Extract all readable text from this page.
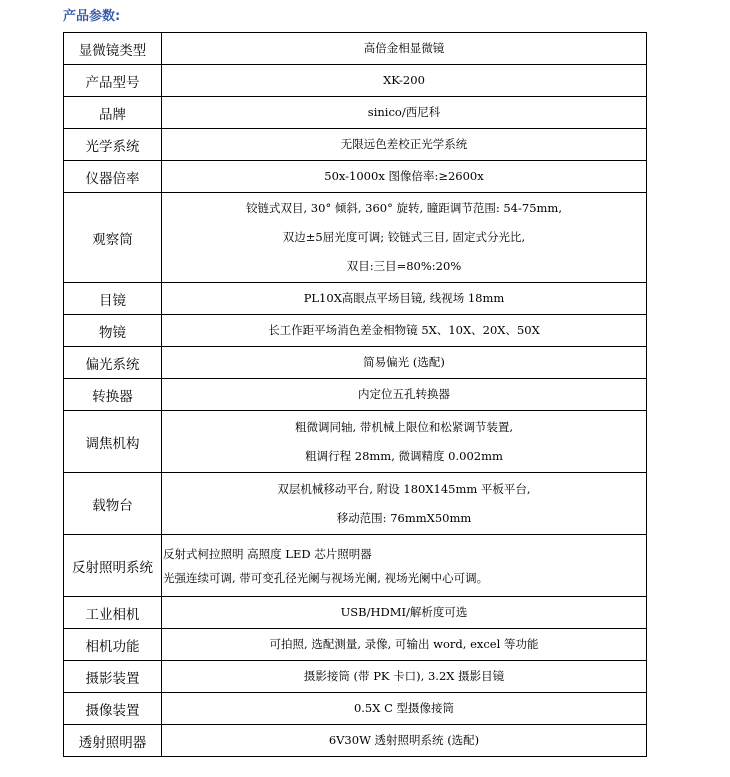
产品参数:
显微镜类型	高倍金相显微镜

产品型号	XK-200

品牌	sinico/西尼科

光学系统	无限远色差校正光学系统

仪器倍率	50x-1000x 图像倍率:≥2600x

观察筒	铰链式双目, 30° 倾斜, 360° 旋转, 瞳距调节范围: 54-75mm,
双边±5屈光度可调; 铰链式三目, 固定式分光比,
双目:三目=80%:20%

目镜	PL10X高眼点平场目镜, 线视场 18mm

物镜	长工作距平场消色差金相物镜 5X、10X、20X、50X

偏光系统	简易偏光 (选配)

转换器	内定位五孔转换器

调焦机构	粗微调同轴, 带机械上限位和松紧调节装置,
粗调行程 28mm, 微调精度 0.002mm

载物台	双层机械移动平台, 附设 180X145mm 平板平台,
移动范围: 76mmX50mm

反射照明系统	反射式柯拉照明 高照度 LED 芯片照明器
光强连续可调, 带可变孔径光阑与视场光阑, 视场光阑中心可调。

工业相机	USB/HDMI/解析度可选

相机功能	可拍照, 选配测量, 录像, 可输出 word, excel 等功能

摄影装置	摄影接筒 (带 PK 卡口), 3.2X 摄影目镜

摄像装置	0.5X C 型摄像接筒

透射照明器	6V30W 透射照明系统 (选配)
